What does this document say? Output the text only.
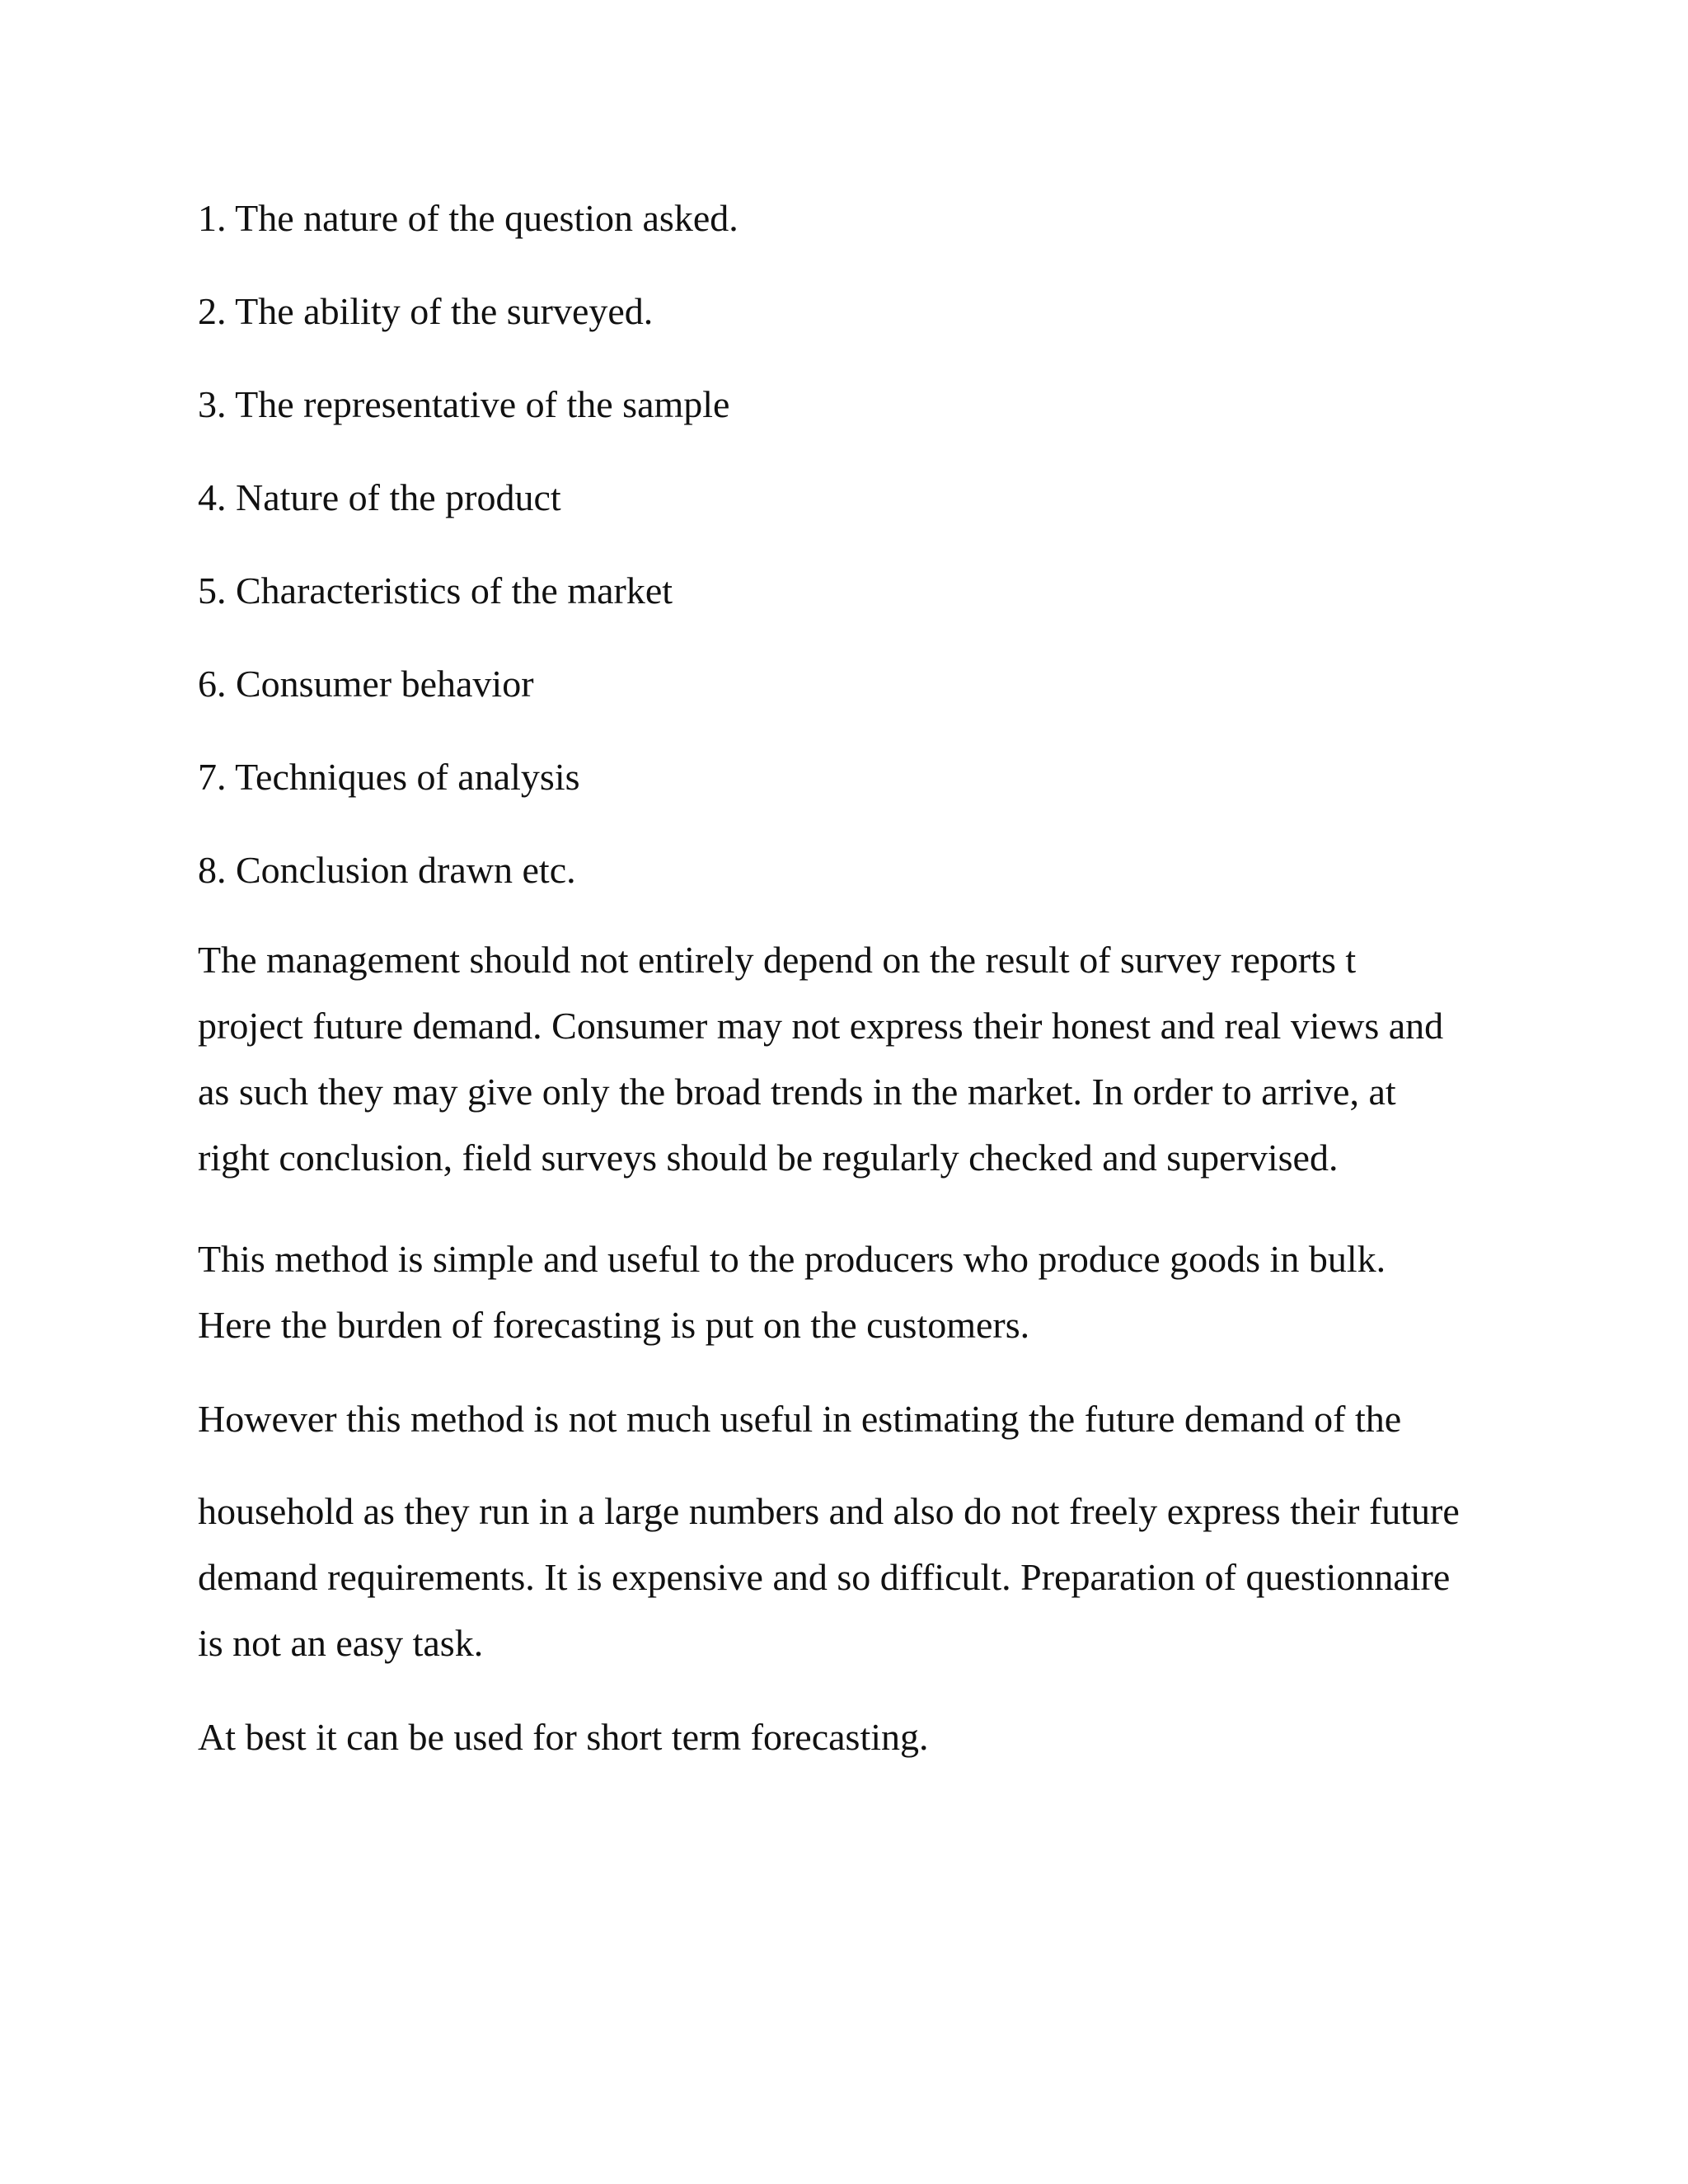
1. The nature of the question asked.
2. The ability of the surveyed.
3. The representative of the sample
4. Nature of the product
5. Characteristics of the market
6. Consumer behavior
7. Techniques of analysis
8. Conclusion drawn etc.
The management should not entirely depend on the result of survey reports t
project future demand. Consumer may not express their honest and real views and
as such they may give only the broad trends in the market. In order to arrive, at
right conclusion, field surveys should be regularly checked and supervised.
This method is simple and useful to the producers who produce goods in bulk.
Here the burden of forecasting is put on the customers.
However this method is not much useful in estimating the future demand of the
household as they run in a large numbers and also do not freely express their future
demand requirements. It is expensive and so difficult. Preparation of questionnaire
is not an easy task.
At best it can be used for short term forecasting.
